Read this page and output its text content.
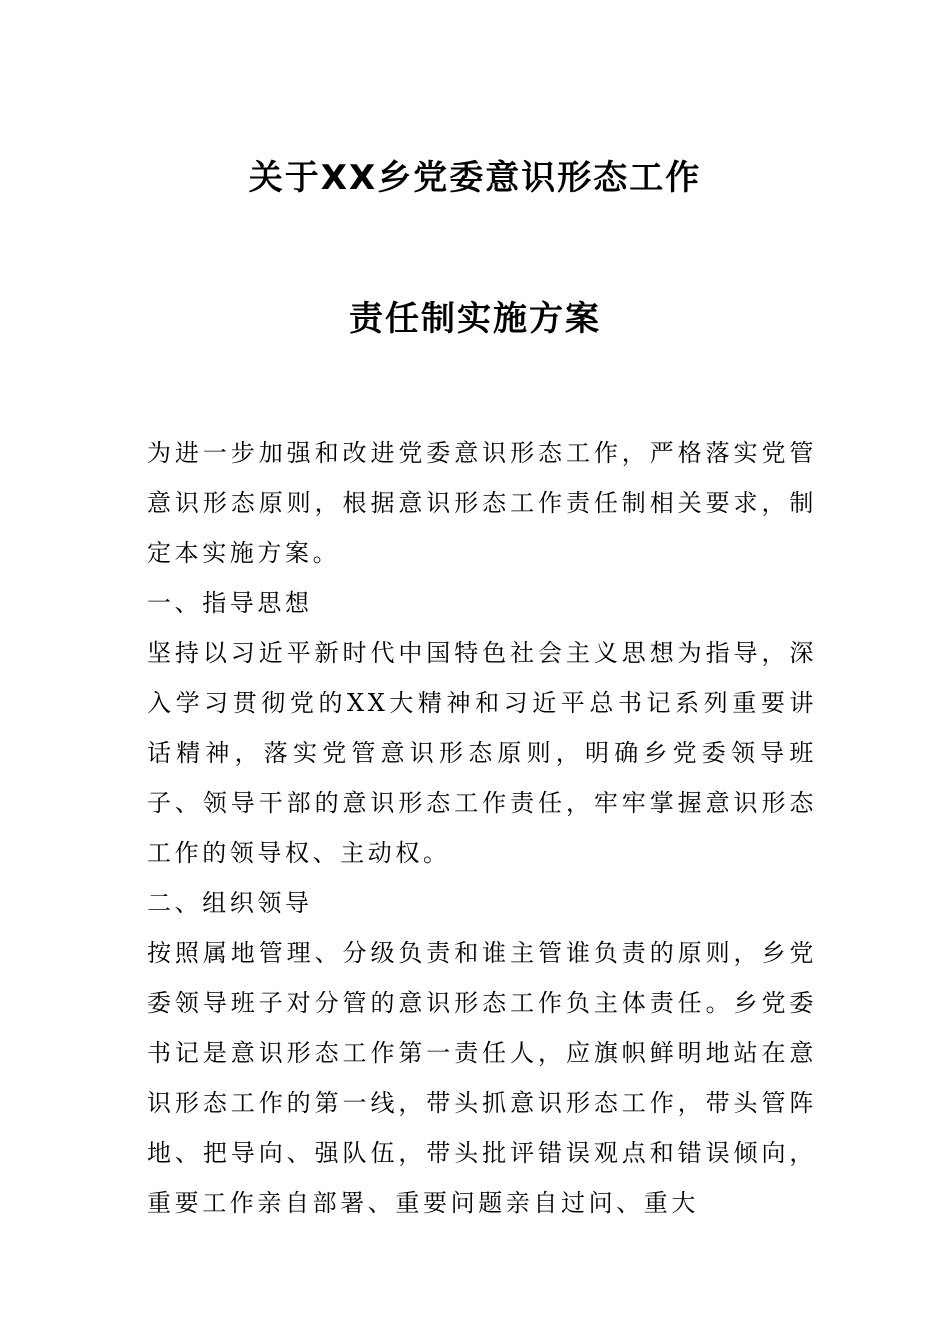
关于XX乡党委意识形态工作
责任制实施方案

为进一步加强和改进党委意识形态工作，严格落实党管意识形态原则，根据意识形态工作责任制相关要求，制定本实施方案。

一、指导思想

坚持以习近平新时代中国特色社会主义思想为指导，深入学习贯彻党的XX大精神和习近平总书记系列重要讲话精神，落实党管意识形态原则，明确乡党委领导班子、领导干部的意识形态工作责任，牢牢掌握意识形态工作的领导权、主动权。

二、组织领导

按照属地管理、分级负责和谁主管谁负责的原则，乡党委领导班子对分管的意识形态工作负主体责任。乡党委书记是意识形态工作第一责任人，应旗帜鲜明地站在意识形态工作的第一线，带头抓意识形态工作，带头管阵地、把导向、强队伍，带头批评错误观点和错误倾向，重要工作亲自部署、重要问题亲自过问、重大
